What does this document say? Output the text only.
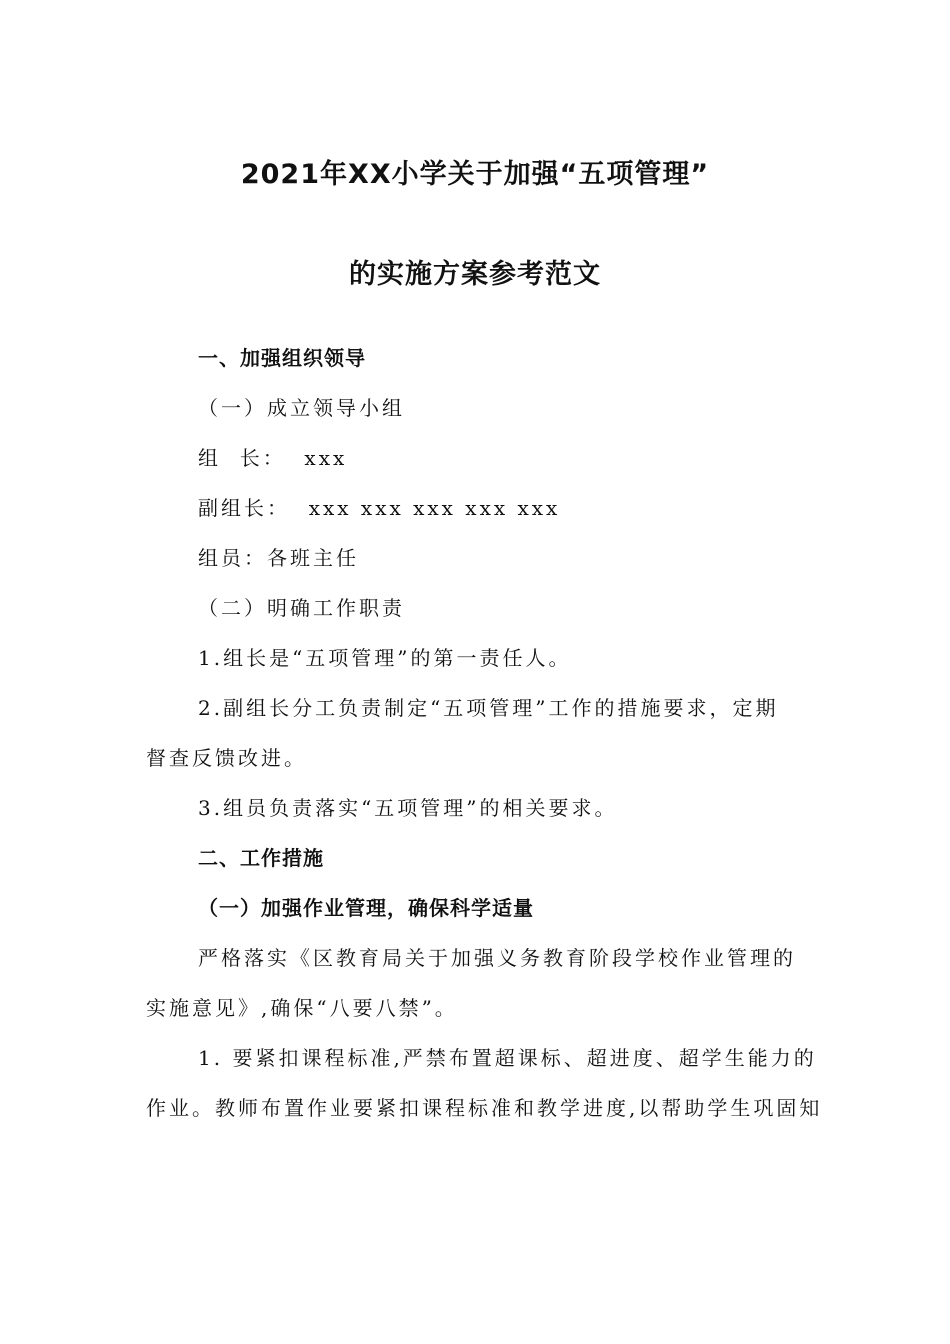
2021年XX小学关于加强“五项管理”
的实施方案参考范文
一、加强组织领导
（一）成立领导小组
组  长：  xxx
副组长：  xxx xxx xxx xxx xxx
组员：各班主任
（二）明确工作职责
1.组长是“五项管理”的第一责任人。
2.副组长分工负责制定“五项管理”工作的措施要求，定期
督查反馈改进。
3.组员负责落实“五项管理”的相关要求。
二、工作措施
（一）加强作业管理，确保科学适量
严格落实《区教育局关于加强义务教育阶段学校作业管理的
实施意见》,确保“八要八禁”。
1. 要紧扣课程标准,严禁布置超课标、超进度、超学生能力的
作业。教师布置作业要紧扣课程标准和教学进度,以帮助学生巩固知
